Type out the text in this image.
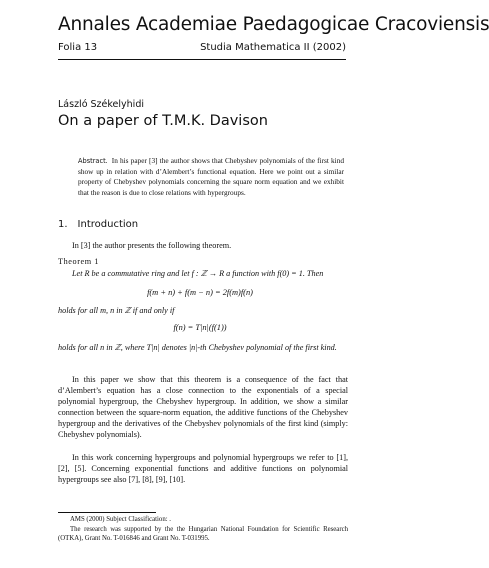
Annales Academiae Paedagogicae Cracoviensis
Folia 13	Studia Mathematica II (2002)
László Székelyhidi
On a paper of T.M.K. Davison
Abstract. In his paper [3] the author shows that Chebyshev polynomials of the first kind show up in relation with d’Alembert’s functional equation. Here we point out a similar property of Chebyshev polynomials concerning the square norm equation and we exhibit that the reason is due to close relations with hypergroups.
1. Introduction
In [3] the author presents the following theorem.
Theorem 1
Let R be a commutative ring and let f : ℤ → R a function with f(0) = 1. Then
f(m + n) + f(m − n) = 2f(m)f(n)
holds for all m, n in ℤ if and only if
f(n) = T|n|(f(1))
holds for all n in ℤ, where T|n| denotes |n|-th Chebyshev polynomial of the first kind.
In this paper we show that this theorem is a consequence of the fact that d’Alembert’s equation has a close connection to the exponentials of a special polynomial hypergroup, the Chebyshev hypergroup. In addition, we show a similar connection between the square-norm equation, the additive functions of the Chebyshev hypergroup and the derivatives of the Chebyshev polynomials of the first kind (simply: Chebyshev polynomials).
In this work concerning hypergroups and polynomial hypergroups we refer to [1], [2], [5]. Concerning exponential functions and additive functions on polynomial hypergroups see also [7], [8], [9], [10].
AMS (2000) Subject Classification: .
The research was supported by the the Hungarian National Foundation for Scientific Research (OTKA), Grant No. T-016846 and Grant No. T-031995.
